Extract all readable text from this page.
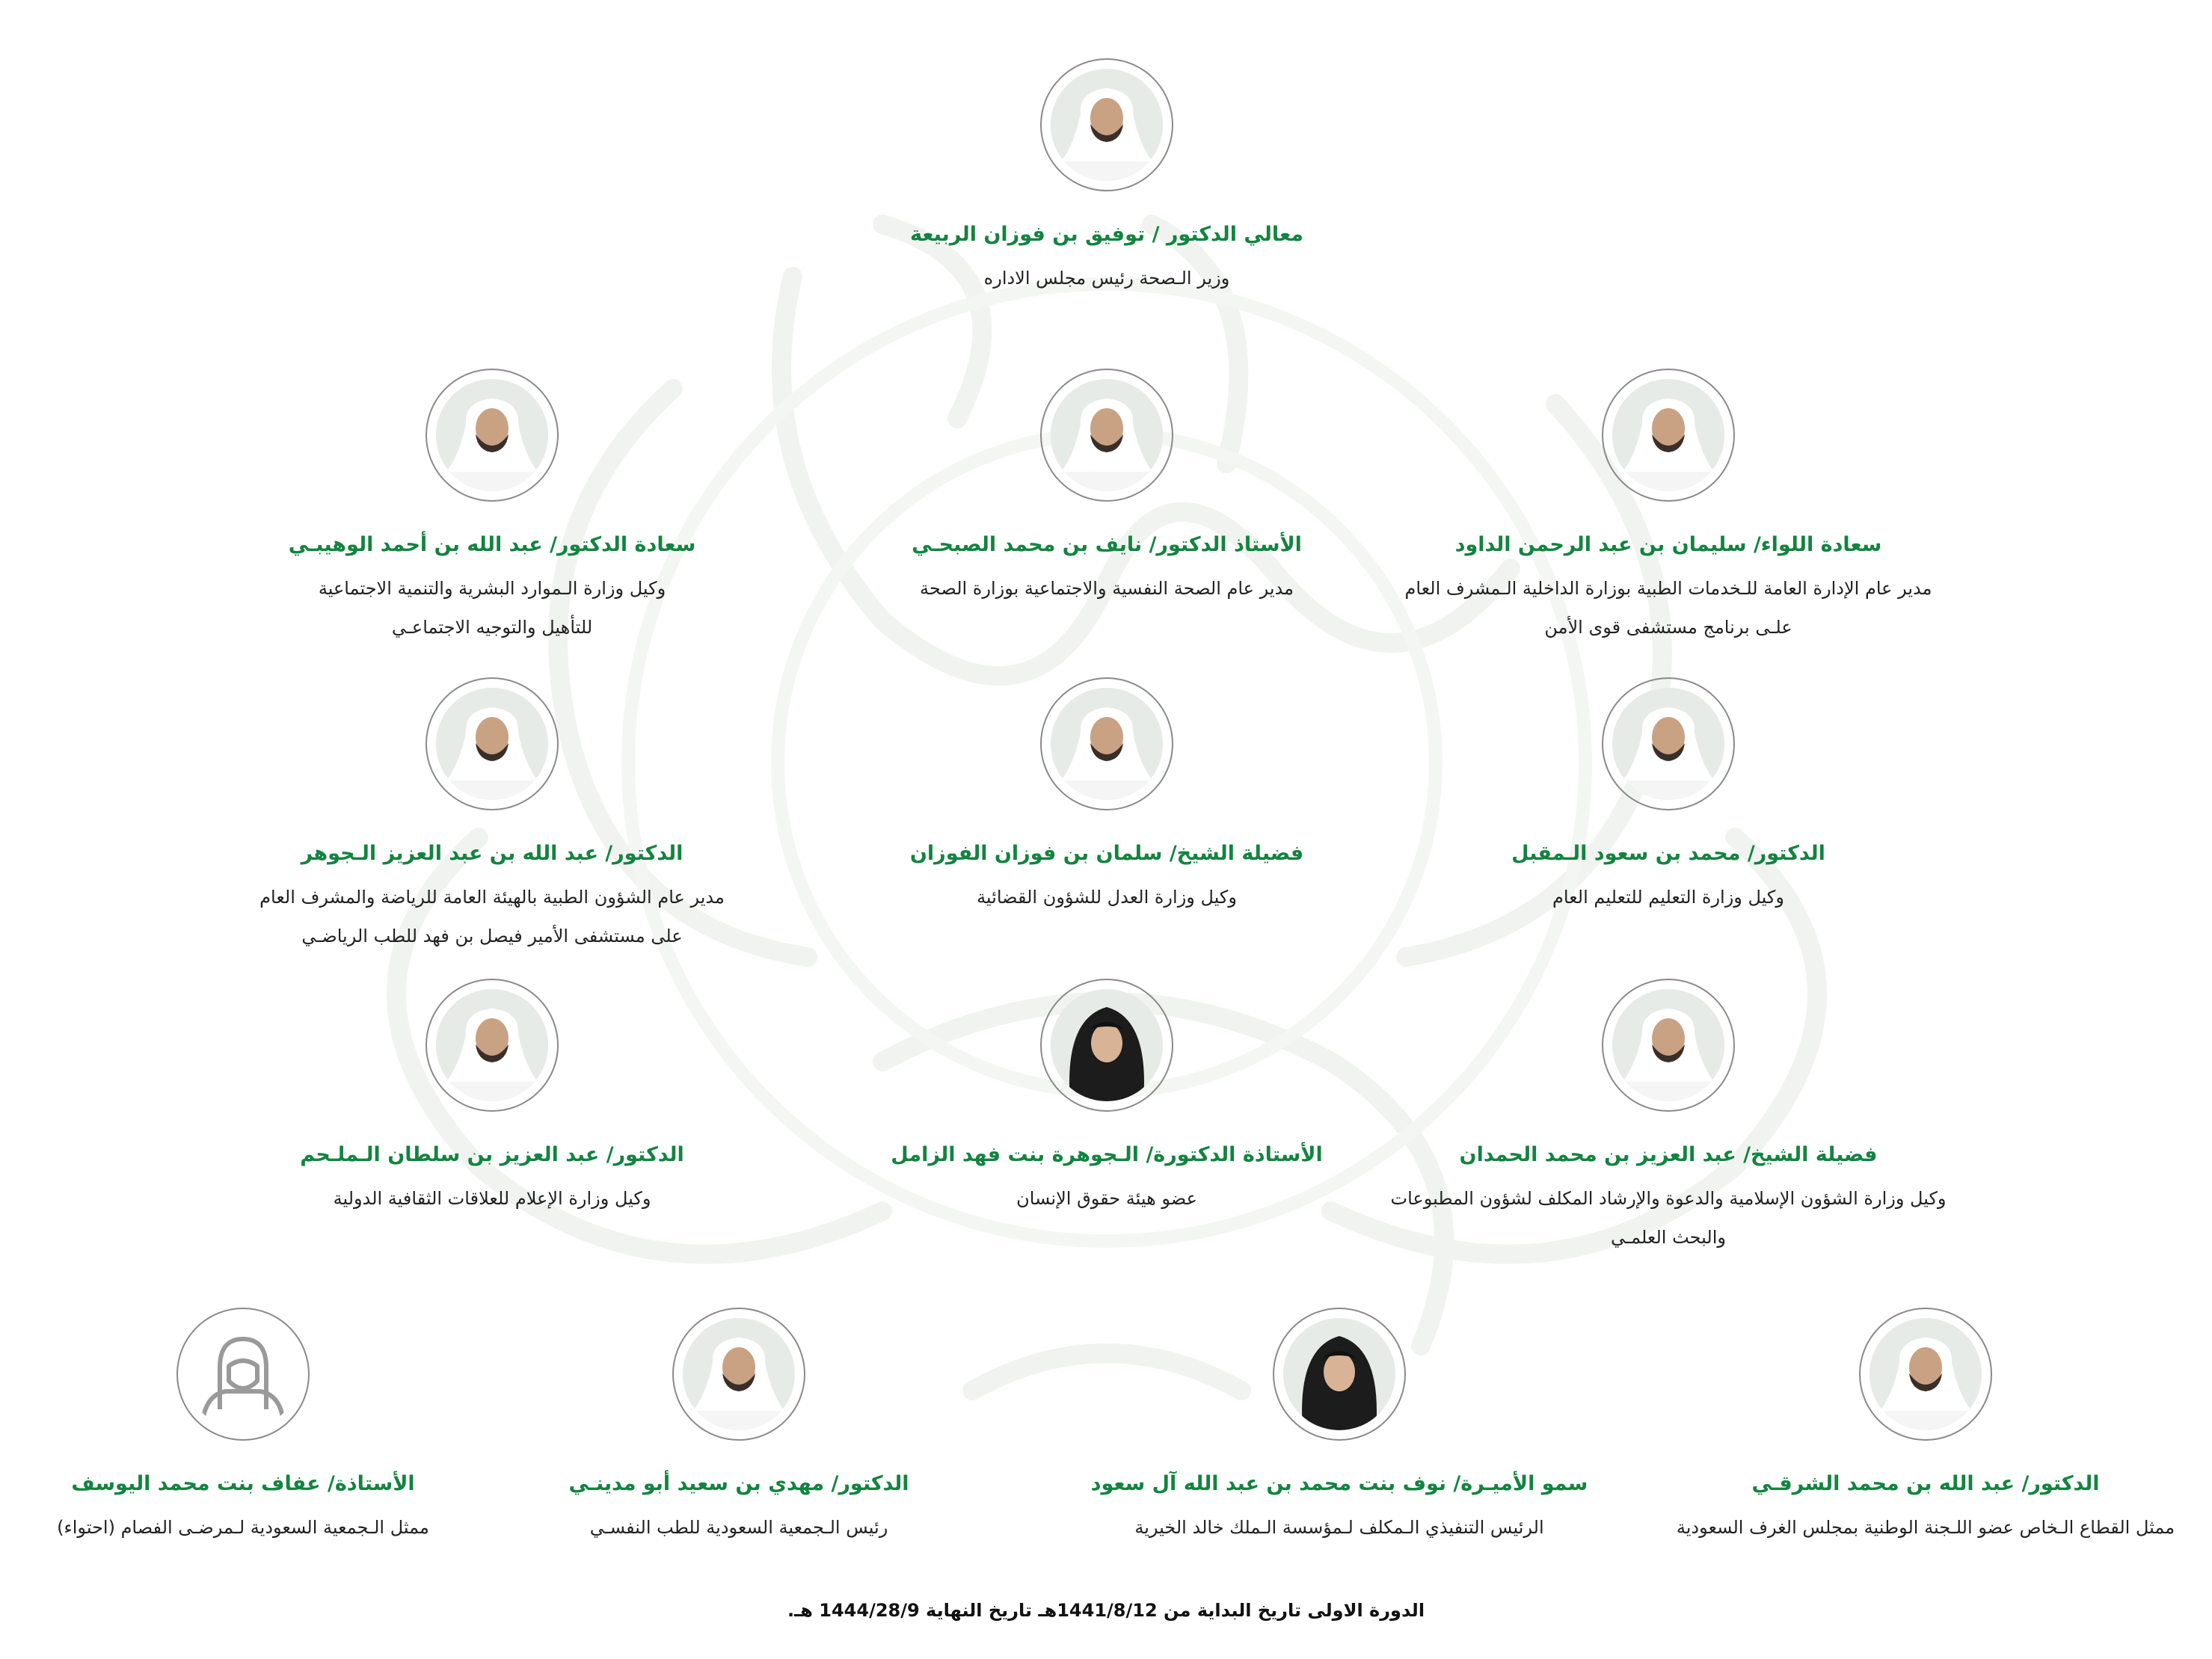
معالي الدكتور / توفيق بن فوزان الربيعة
وزير الـصحة رئيس مجلس الاداره
سعادة اللواء/ سليمان بن عبد الرحمن الداود
مدير عام الإدارة العامة للـخدمات الطبية بوزارة الداخلية الـمشرف العام
علـى برنامج مستشفى قوى الأمن
الأستاذ الدكتور/ نايف بن محمد الصبحـي
مدير عام الصحة النفسية والاجتماعية بوزارة الصحة
سعادة الدكتور/ عبد الله بن أحمد الوهيبـي
وكيل وزارة الـموارد البشرية والتنمية الاجتماعية
للتأهيل والتوجيه الاجتماعـي
الدكتور/ محمد بن سعود الـمقبل
وكيل وزارة التعليم للتعليم العام
فضيلة الشيخ/ سلمان بن فوزان الفوزان
وكيل وزارة العدل للشؤون القضائية
الدكتور/ عبد الله بن عبد العزيز الـجوهر
مدير عام الشؤون الطبية بالهيئة العامة للرياضة والمشرف العام
على مستشفى الأمير فيصل بن فهد للطب الرياضـي
فضيلة الشيخ/ عبد العزيز بن محمد الحمدان
وكيل وزارة الشؤون الإسلامية والدعوة والإرشاد المكلف لشؤون المطبوعات
والبحث العلمـي
الأستاذة الدكتورة/ الـجوهرة بنت فهد الزامل
عضو هيئة حقوق الإنسان
الدكتور/ عبد العزيز بن سلطان الـملـحم
وكيل وزارة الإعلام للعلاقات الثقافية الدولية
الدكتور/ عبد الله بن محمد الشرقـي
ممثل القطاع الـخاص عضو اللـجنة الوطنية بمجلس الغرف السعودية
سمو الأميـرة/ نوف بنت محمد بن عبد الله آل سعود
الرئيس التنفيذي الـمكلف لـمؤسسة الـملك خالد الخيرية
الدكتور/ مهدي بن سعيد أبو مدينـي
رئيس الـجمعية السعودية للطب النفسـي
الأستاذة/ عفاف بنت محمد اليوسف
ممثل الـجمعية السعودية لـمرضـى الفصام (احتواء)
الدورة الاولى تاريخ البداية من 1441/8/12هـ تاريخ النهاية 1444/28/9 هـ.
